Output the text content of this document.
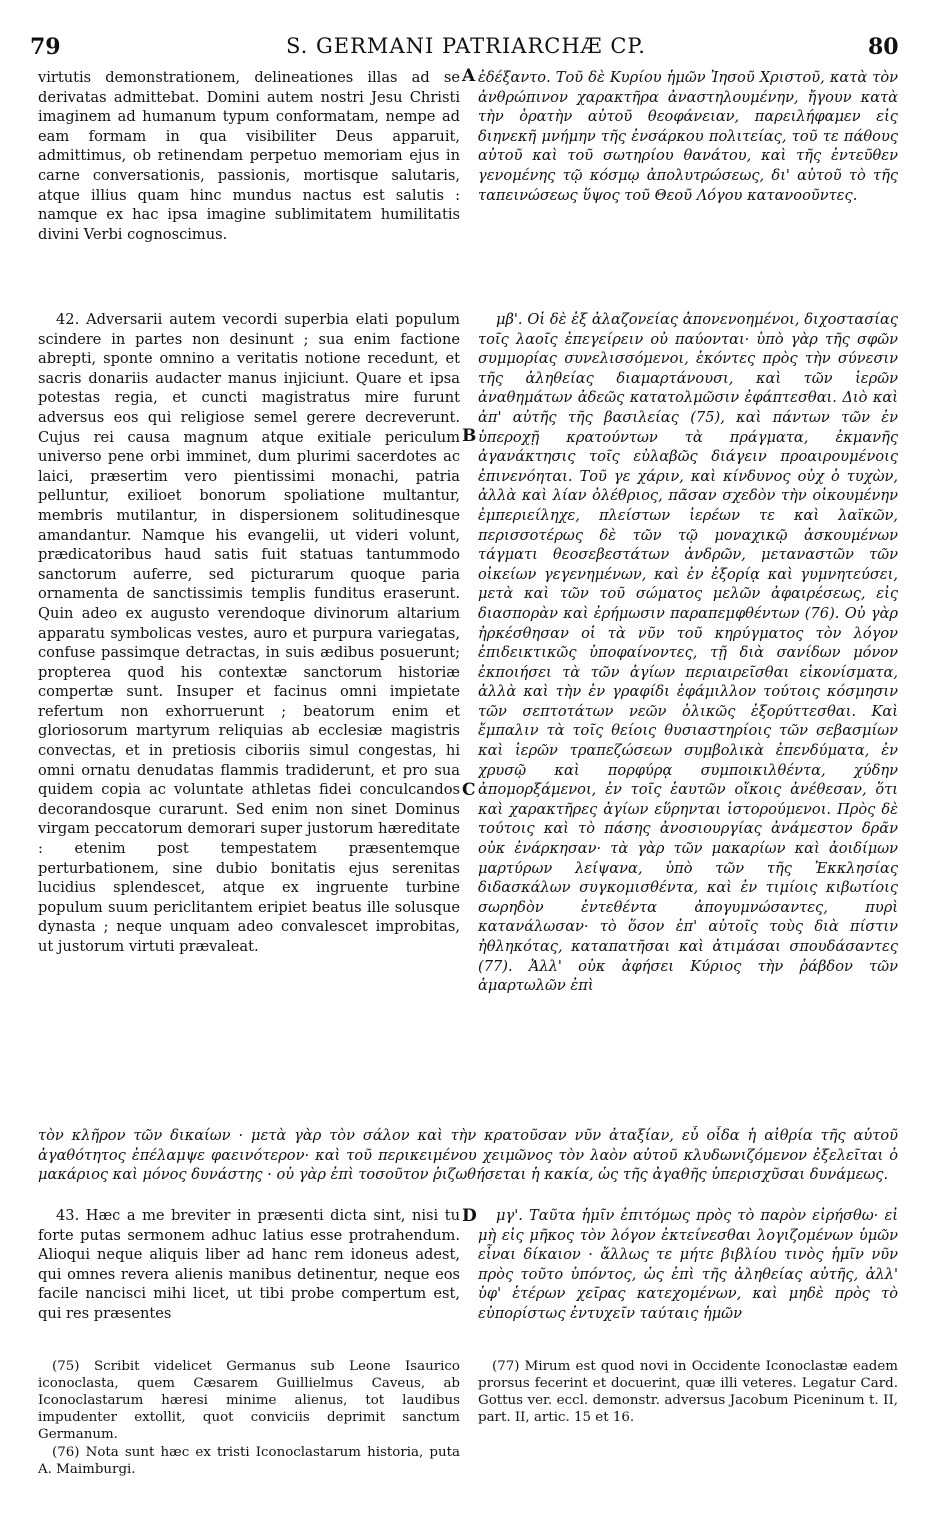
79	S. GERMANI PATRIARCHÆ CP.	80

virtutis demonstrationem, delineationes illas ad se derivatas admittebat. Domini autem nostri Jesu Christi imaginem ad humanum typum conformatam, nempe ad eam formam in qua visibiliter Deus apparuit, admittimus, ob retinendam perpetuo memoriam ejus in carne conversationis, passionis, mortisque salutaris, atque illius quam hinc mundus nactus est salutis : namque ex hac ipsa imagine sublimitatem humilitatis divini Verbi cognoscimus.

42. Adversarii autem vecordi superbia elati populum scindere in partes non desinunt ; sua enim factione abrepti, sponte omnino a veritatis notione recedunt, et sacris donariis audacter manus injiciunt. Quare et ipsa potestas regia, et cuncti magistratus mire furunt adversus eos qui religiose semel gerere decreverunt. Cujus rei causa magnum atque exitiale periculum universo pene orbi imminet, dum plurimi sacerdotes ac laici, præsertim vero pientissimi monachi, patria pelluntur, exilioet bonorum spoliatione multantur, membris mutilantur, in dispersionem solitudinesque amandantur. Namque his evangelii, ut videri volunt, prædicatoribus haud satis fuit statuas tantummodo sanctorum auferre, sed picturarum quoque paria ornamenta de sanctissimis templis funditus eraserunt. Quin adeo ex augusto verendoque divinorum altarium apparatu symbolicas vestes, auro et purpura variegatas, confuse passimque detractas, in suis ædibus posuerunt; propterea quod his contextæ sanctorum historiæ compertæ sunt. Insuper et facinus omni impietate refertum non exhorruerunt ; beatorum enim et gloriosorum martyrum reliquias ab ecclesiæ magistris convectas, et in pretiosis ciboriis simul congestas, hi omni ornatu denudatas flammis tradiderunt, et pro sua quidem copia ac voluntate athletas fidei conculcandos decorandosque curarunt. Sed enim non sinet Dominus virgam peccatorum demorari super justorum hæreditate : etenim post tempestatem præsentemque perturbationem, sine dubio bonitatis ejus serenitas lucidius splendescet, atque ex ingruente turbine populum suum periclitantem eripiet beatus ille solusque dynasta ; neque unquam adeo convalescet improbitas, ut justorum virtuti prævaleat.

ἐδέξαντο. Τοῦ δὲ Κυρίου ἡμῶν Ἰησοῦ Χριστοῦ, κατὰ τὸν ἀνθρώπινον χαρακτῆρα ἀναστηλουμένην, ἤγουν κατὰ τὴν ὁρατὴν αὐτοῦ θεοφάνειαν, παρειλήφαμεν εἰς διηνεκῆ μνήμην τῆς ἐνσάρκου πολιτείας, τοῦ τε πάθους αὐτοῦ καὶ τοῦ σωτηρίου θανάτου, καὶ τῆς ἐντεῦθεν γενομένης τῷ κόσμῳ ἀπολυτρώσεως, δι' αὐτοῦ τὸ τῆς ταπεινώσεως ὕψος τοῦ Θεοῦ Λόγου κατανοοῦντες.

μβ'. Οἱ δὲ ἐξ ἀλαζονείας ἀπονενοημένοι, διχοστασίας τοῖς λαοῖς ἐπεγείρειν οὐ παύονται· ὑπὸ γὰρ τῆς σφῶν συμμορίας συνελισσόμενοι, ἑκόντες πρὸς τὴν σύνεσιν τῆς ἀληθείας διαμαρτάνουσι, καὶ τῶν ἱερῶν ἀναθημάτων ἀδεῶς κατατολμῶσιν ἐφάπτεσθαι. Διὸ καὶ ἀπ' αὐτῆς τῆς βασιλείας (75), καὶ πάντων τῶν ἐν ὑπεροχῇ κρατούντων τὰ πράγματα, ἐκμανῆς ἀγανάκτησις τοῖς εὐλαβῶς διάγειν προαιρουμένοις ἐπινενόηται. Τοῦ γε χάριν, καὶ κίνδυνος οὐχ ὁ τυχὼν, ἀλλὰ καὶ λίαν ὀλέθριος, πᾶσαν σχεδὸν τὴν οἰκουμένην ἐμπεριείληχε, πλείστων ἱερέων τε καὶ λαϊκῶν, περισσοτέρως δὲ τῶν τῷ μοναχικῷ ἀσκουμένων τάγματι θεοσεβεστάτων ἀνδρῶν, μεταναστῶν τῶν οἰκείων γεγενημένων, καὶ ἐν ἐξορίᾳ καὶ γυμνητεύσει, μετὰ καὶ τῶν τοῦ σώματος μελῶν ἀφαιρέσεως, εἰς διασπορὰν καὶ ἐρήμωσιν παραπεμφθέντων (76). Οὐ γὰρ ἠρκέσθησαν οἱ τὰ νῦν τοῦ κηρύγματος τὸν λόγον ἐπιδεικτικῶς ὑποφαίνοντες, τῇ διὰ σανίδων μόνον ἐκποιήσει τὰ τῶν ἁγίων περιαιρεῖσθαι εἰκονίσματα, ἀλλὰ καὶ τὴν ἐν γραφίδι ἐφάμιλλον τούτοις κόσμησιν τῶν σεπτοτάτων νεῶν ὁλικῶς ἐξορύττεσθαι. Καὶ ἔμπαλιν τὰ τοῖς θείοις θυσιαστηρίοις τῶν σεβασμίων καὶ ἱερῶν τραπεζώσεων συμβολικὰ ἐπενδύματα, ἐν χρυσῷ καὶ πορφύρᾳ συμποικιλθέντα, χύδην ἀπομορξάμενοι, ἐν τοῖς ἑαυτῶν οἴκοις ἀνέθεσαν, ὅτι καὶ χαρακτῆρες ἁγίων εὕρηνται ἱστορούμενοι. Πρὸς δὲ τούτοις καὶ τὸ πάσης ἀνοσιουργίας ἀνάμεστον δρᾶν οὐκ ἐνάρκησαν· τὰ γὰρ τῶν μακαρίων καὶ ἀοιδίμων μαρτύρων λείψανα, ὑπὸ τῶν τῆς Ἐκκλησίας διδασκάλων συγκομισθέντα, καὶ ἐν τιμίοις κιβωτίοις σωρηδὸν ἐντεθέντα ἀπογυμνώσαντες, πυρὶ κατανάλωσαν· τὸ ὅσον ἐπ' αὐτοῖς τοὺς διὰ πίστιν ἠθληκότας, καταπατῆσαι καὶ ἀτιμάσαι σπουδάσαντες (77). Ἀλλ' οὐκ ἀφήσει Κύριος τὴν ῥάβδον τῶν ἁμαρτωλῶν ἐπὶ

τὸν κλῆρον τῶν δικαίων · μετὰ γὰρ τὸν σάλον καὶ τὴν κρατοῦσαν νῦν ἀταξίαν, εὖ οἶδα ἡ αἰθρία τῆς αὐτοῦ ἀγαθότητος ἐπέλαμψε φαεινότερον· καὶ τοῦ περικειμένου χειμῶνος τὸν λαὸν αὐτοῦ κλυδωνιζόμενον ἐξελεῖται ὁ μακάριος καὶ μόνος δυνάστης · οὐ γὰρ ἐπὶ τοσοῦτον ῥιζωθήσεται ἡ κακία, ὡς τῆς ἀγαθῆς ὑπερισχῦσαι δυνάμεως.

43. Hæc a me breviter in præsenti dicta sint, nisi tu forte putas sermonem adhuc latius esse protrahendum. Alioqui neque aliquis liber ad hanc rem idoneus adest, qui omnes revera alienis manibus detinentur, neque eos facile nancisci mihi licet, ut tibi probe compertum est, qui res præsentes

μγ'. Ταῦτα ἡμῖν ἐπιτόμως πρὸς τὸ παρὸν εἰρήσθω· εἰ μὴ εἰς μῆκος τὸν λόγον ἐκτείνεσθαι λογιζομένων ὑμῶν εἶναι δίκαιον · ἄλλως τε μήτε βιβλίου τινὸς ἡμῖν νῦν πρὸς τοῦτο ὑπόντος, ὡς ἐπὶ τῆς ἀληθείας αὐτῆς, ἀλλ' ὑφ' ἑτέρων χεῖρας κατεχομένων, καὶ μηδὲ πρὸς τὸ εὐπορίστως ἐντυχεῖν ταύταις ἡμῶν

A
B
C
D

(75) Scribit videlicet Germanus sub Leone Isaurico iconoclasta, quem Cæsarem Guillielmus Caveus, ab Iconoclastarum hæresi minime alienus, tot laudibus impudenter extollit, quot conviciis deprimit sanctum Germanum.

(76) Nota sunt hæc ex tristi Iconoclastarum historia, puta A. Maimburgi.

(77) Mirum est quod novi in Occidente Iconoclastæ eadem prorsus fecerint et docuerint, quæ illi veteres. Legatur Card. Gottus ver. eccl. demonstr. adversus Jacobum Piceninum t. II, part. II, artic. 15 et 16.
